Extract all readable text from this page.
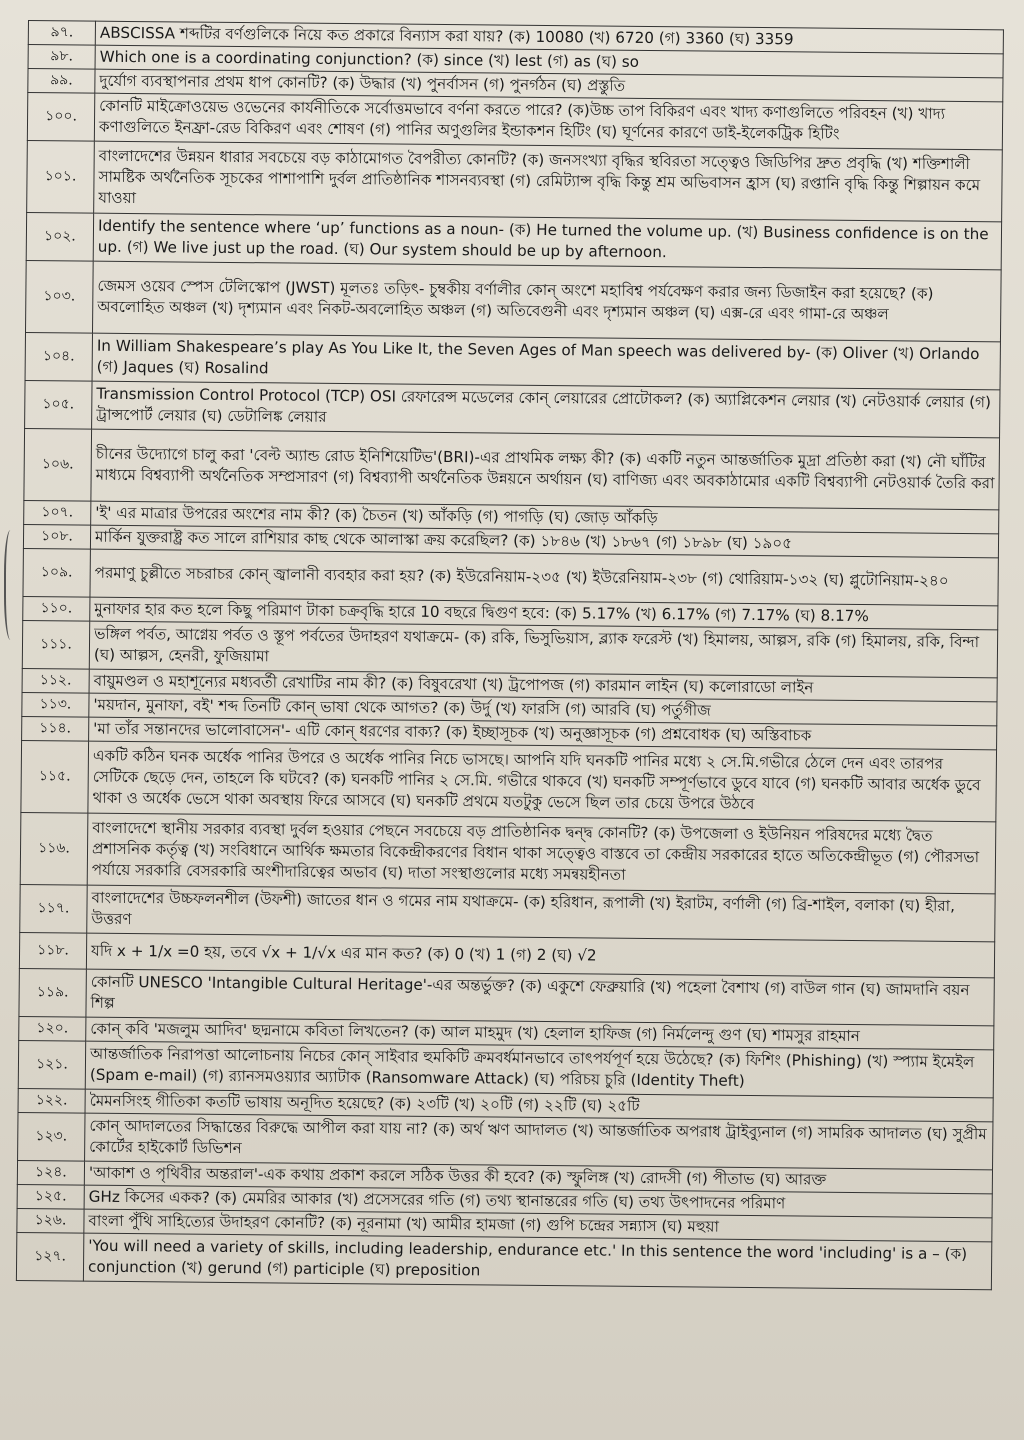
৯৭.	ABSCISSA শব্দটির বর্ণগুলিকে নিয়ে কত প্রকারে বিন্যাস করা যায়? (ক) 10080 (খ) 6720 (গ) 3360 (ঘ) 3359
৯৮.	Which one is a coordinating conjunction? (ক) since (খ) lest (গ) as (ঘ) so
৯৯.	দুর্যোগ ব্যবস্থাপনার প্রথম ধাপ কোনটি? (ক) উদ্ধার (খ) পুনর্বাসন (গ) পুনর্গঠন (ঘ) প্রস্তুতি
১০০.	কোনটি মাইক্রোওয়েভ ওভেনের কার্যনীতিকে সর্বোত্তমভাবে বর্ণনা করতে পারে? (ক)উচ্চ তাপ বিকিরণ এবং খাদ্য কণাগুলিতে পরিবহন (খ) খাদ্য কণাগুলিতে ইনফ্রা-রেড বিকিরণ এবং শোষণ (গ) পানির অণুগুলির ইন্ডাকশন হিটিং (ঘ) ঘূর্ণনের কারণে ডাই-ইলেকট্রিক হিটিং
১০১.	বাংলাদেশের উন্নয়ন ধারার সবচেয়ে বড় কাঠামোগত বৈপরীত্য কোনটি? (ক) জনসংখ্যা বৃদ্ধির স্থবিরতা সত্ত্বেও জিডিপির দ্রুত প্রবৃদ্ধি (খ) শক্তিশালী সামষ্টিক অর্থনৈতিক সূচকের পাশাপাশি দুর্বল প্রাতিষ্ঠানিক শাসনব্যবস্থা (গ) রেমিট্যান্স বৃদ্ধি কিন্তু শ্রম অভিবাসন হ্রাস (ঘ) রপ্তানি বৃদ্ধি কিন্তু শিল্পায়ন কমে যাওয়া
১০২.	Identify the sentence where ‘up’ functions as a noun- (ক) He turned the volume up. (খ) Business confidence is on the up. (গ) We live just up the road. (ঘ) Our system should be up by afternoon.
১০৩.	জেমস ওয়েব স্পেস টেলিস্কোপ (JWST) মূলতঃ তড়িৎ- চুম্বকীয় বর্ণালীর কোন্ অংশে মহাবিশ্ব পর্যবেক্ষণ করার জন্য ডিজাইন করা হয়েছে? (ক) অবলোহিত অঞ্চল (খ) দৃশ্যমান এবং নিকট-অবলোহিত অঞ্চল (গ) অতিবেগুনী এবং দৃশ্যমান অঞ্চল (ঘ) এক্স-রে এবং গামা-রে অঞ্চল
১০৪.	In William Shakespeare’s play As You Like It, the Seven Ages of Man speech was delivered by- (ক) Oliver (খ) Orlando (গ) Jaques (ঘ) Rosalind
১০৫.	Transmission Control Protocol (TCP) OSI রেফারেন্স মডেলের কোন্ লেয়ারের প্রোটোকল? (ক) অ্যাপ্লিকেশন লেয়ার (খ) নেটওয়ার্ক লেয়ার (গ) ট্রান্সপোর্ট লেয়ার (ঘ) ডেটালিঙ্ক লেয়ার
১০৬.	চীনের উদ্যোগে চালু করা 'বেল্ট অ্যান্ড রোড ইনিশিয়েটিভ'(BRI)-এর প্রাথমিক লক্ষ্য কী? (ক) একটি নতুন আন্তর্জাতিক মুদ্রা প্রতিষ্ঠা করা (খ) নৌ ঘাঁটির মাধ্যমে বিশ্বব্যাপী অর্থনৈতিক সম্প্রসারণ (গ) বিশ্বব্যাপী অর্থনৈতিক উন্নয়নে অর্থায়ন (ঘ) বাণিজ্য এবং অবকাঠামোর একটি বিশ্বব্যাপী নেটওয়ার্ক তৈরি করা
১০৭.	'ই' এর মাত্রার উপরের অংশের নাম কী? (ক) চৈতন (খ) আঁকড়ি (গ) পাগড়ি (ঘ) জোড় আঁকড়ি
১০৮.	মার্কিন যুক্তরাষ্ট্র কত সালে রাশিয়ার কাছ থেকে আলাস্কা ক্রয় করেছিল? (ক) ১৮৪৬ (খ) ১৮৬৭ (গ) ১৮৯৮ (ঘ) ১৯০৫
১০৯.	পরমাণু চুল্লীতে সচরাচর কোন্ জ্বালানী ব্যবহার করা হয়? (ক) ইউরেনিয়াম-২৩৫ (খ) ইউরেনিয়াম-২৩৮ (গ) থোরিয়াম-১৩২ (ঘ) প্লুটোনিয়াম-২৪০
১১০.	মুনাফার হার কত হলে কিছু পরিমাণ টাকা চক্রবৃদ্ধি হারে 10 বছরে দ্বিগুণ হবে: (ক) 5.17% (খ) 6.17% (গ) 7.17% (ঘ) 8.17%
১১১.	ভঙ্গিল পর্বত, আগ্নেয় পর্বত ও স্তূপ পর্বতের উদাহরণ যথাক্রমে- (ক) রকি, ভিসুভিয়াস, ব্ল্যাক ফরেস্ট (খ) হিমালয়, আল্পস, রকি (গ) হিমালয়, রকি, বিন্দা (ঘ) আল্পস, হেনরী, ফুজিয়ামা
১১২.	বায়ুমণ্ডল ও মহাশূন্যের মধ্যবর্তী রেখাটির নাম কী? (ক) বিষুবরেখা (খ) ট্রপোপজ (গ) কারমান লাইন (ঘ) কলোরাডো লাইন
১১৩.	'ময়দান, মুনাফা, বই' শব্দ তিনটি কোন্ ভাষা থেকে আগত? (ক) উর্দু (খ) ফারসি (গ) আরবি (ঘ) পর্তুগীজ
১১৪.	'মা তাঁর সন্তানদের ভালোবাসেন'- এটি কোন্ ধরণের বাক্য? (ক) ইচ্ছাসূচক (খ) অনুজ্ঞাসূচক (গ) প্রশ্নবোধক (ঘ) অস্তিবাচক
১১৫.	একটি কঠিন ঘনক অর্ধেক পানির উপরে ও অর্ধেক পানির নিচে ভাসছে। আপনি যদি ঘনকটি পানির মধ্যে ২ সে.মি.গভীরে ঠেলে দেন এবং তারপর সেটিকে ছেড়ে দেন, তাহলে কি ঘটবে? (ক) ঘনকটি পানির ২ সে.মি. গভীরে থাকবে (খ) ঘনকটি সম্পূর্ণভাবে ডুবে যাবে (গ) ঘনকটি আবার অর্ধেক ডুবে থাকা ও অর্ধেক ভেসে থাকা অবস্থায় ফিরে আসবে (ঘ) ঘনকটি প্রথমে যতটুকু ভেসে ছিল তার চেয়ে উপরে উঠবে
১১৬.	বাংলাদেশে স্থানীয় সরকার ব্যবস্থা দুর্বল হওয়ার পেছনে সবচেয়ে বড় প্রাতিষ্ঠানিক দ্বন্দ্ব কোনটি? (ক) উপজেলা ও ইউনিয়ন পরিষদের মধ্যে দ্বৈত প্রশাসনিক কর্তৃত্ব (খ) সংবিধানে আর্থিক ক্ষমতার বিকেন্দ্রীকরণের বিধান থাকা সত্ত্বেও বাস্তবে তা কেন্দ্রীয় সরকারের হাতে অতিকেন্দ্রীভূত (গ) পৌরসভা পর্যায়ে সরকারি বেসরকারি অংশীদারিত্বের অভাব (ঘ) দাতা সংস্থাগুলোর মধ্যে সমন্বয়হীনতা
১১৭.	বাংলাদেশের উচ্চফলনশীল (উফশী) জাতের ধান ও গমের নাম যথাক্রমে- (ক) হরিধান, রূপালী (খ) ইরাটম, বর্ণালী (গ) ব্রি-শাইল, বলাকা (ঘ) হীরা, উত্তরণ
১১৮.	যদি x + 1/x =0 হয়, তবে √x + 1/√x এর মান কত? (ক) 0 (খ) 1 (গ) 2 (ঘ) √2
১১৯.	কোনটি UNESCO 'Intangible Cultural Heritage'-এর অন্তর্ভুক্ত? (ক) একুশে ফেব্রুয়ারি (খ) পহেলা বৈশাখ (গ) বাউল গান (ঘ) জামদানি বয়ন শিল্প
১২০.	কোন্ কবি 'মজলুম আদিব' ছদ্মনামে কবিতা লিখতেন? (ক) আল মাহমুদ (খ) হেলাল হাফিজ (গ) নির্মলেন্দু গুণ (ঘ) শামসুর রাহমান
১২১.	আন্তর্জাতিক নিরাপত্তা আলোচনায় নিচের কোন্ সাইবার হুমকিটি ক্রমবর্ধমানভাবে তাৎপর্যপূর্ণ হয়ে উঠেছে? (ক) ফিশিং (Phishing) (খ) স্প্যাম ইমেইল (Spam e-mail) (গ) র‍্যানসমওয়্যার অ্যাটাক (Ransomware Attack) (ঘ) পরিচয় চুরি (Identity Theft)
১২২.	মৈমনসিংহ গীতিকা কতটি ভাষায় অনূদিত হয়েছে? (ক) ২৩টি (খ) ২০টি (গ) ২২টি (ঘ) ২৫টি
১২৩.	কোন্ আদালতের সিদ্ধান্তের বিরুদ্ধে আপীল করা যায় না? (ক) অর্থ ঋণ আদালত (খ) আন্তর্জাতিক অপরাধ ট্রাইব্যুনাল (গ) সামরিক আদালত (ঘ) সুপ্রীম কোর্টের হাইকোর্ট ডিভিশন
১২৪.	'আকাশ ও পৃথিবীর অন্তরাল'-এক কথায় প্রকাশ করলে সঠিক উত্তর কী হবে? (ক) স্ফুলিঙ্গ (খ) রোদসী (গ) পীতাভ (ঘ) আরক্ত
১২৫.	GHz কিসের একক? (ক) মেমরির আকার (খ) প্রসেসরের গতি (গ) তথ্য স্থানান্তরের গতি (ঘ) তথ্য উৎপাদনের পরিমাণ
১২৬.	বাংলা পুঁথি সাহিত্যের উদাহরণ কোনটি? (ক) নূরনামা (খ) আমীর হামজা (গ) গুপি চন্দ্রের সন্ন্যাস (ঘ) মহুয়া
১২৭.	'You will need a variety of skills, including leadership, endurance etc.' In this sentence the word 'including' is a – (ক) conjunction (খ) gerund (গ) participle (ঘ) preposition
